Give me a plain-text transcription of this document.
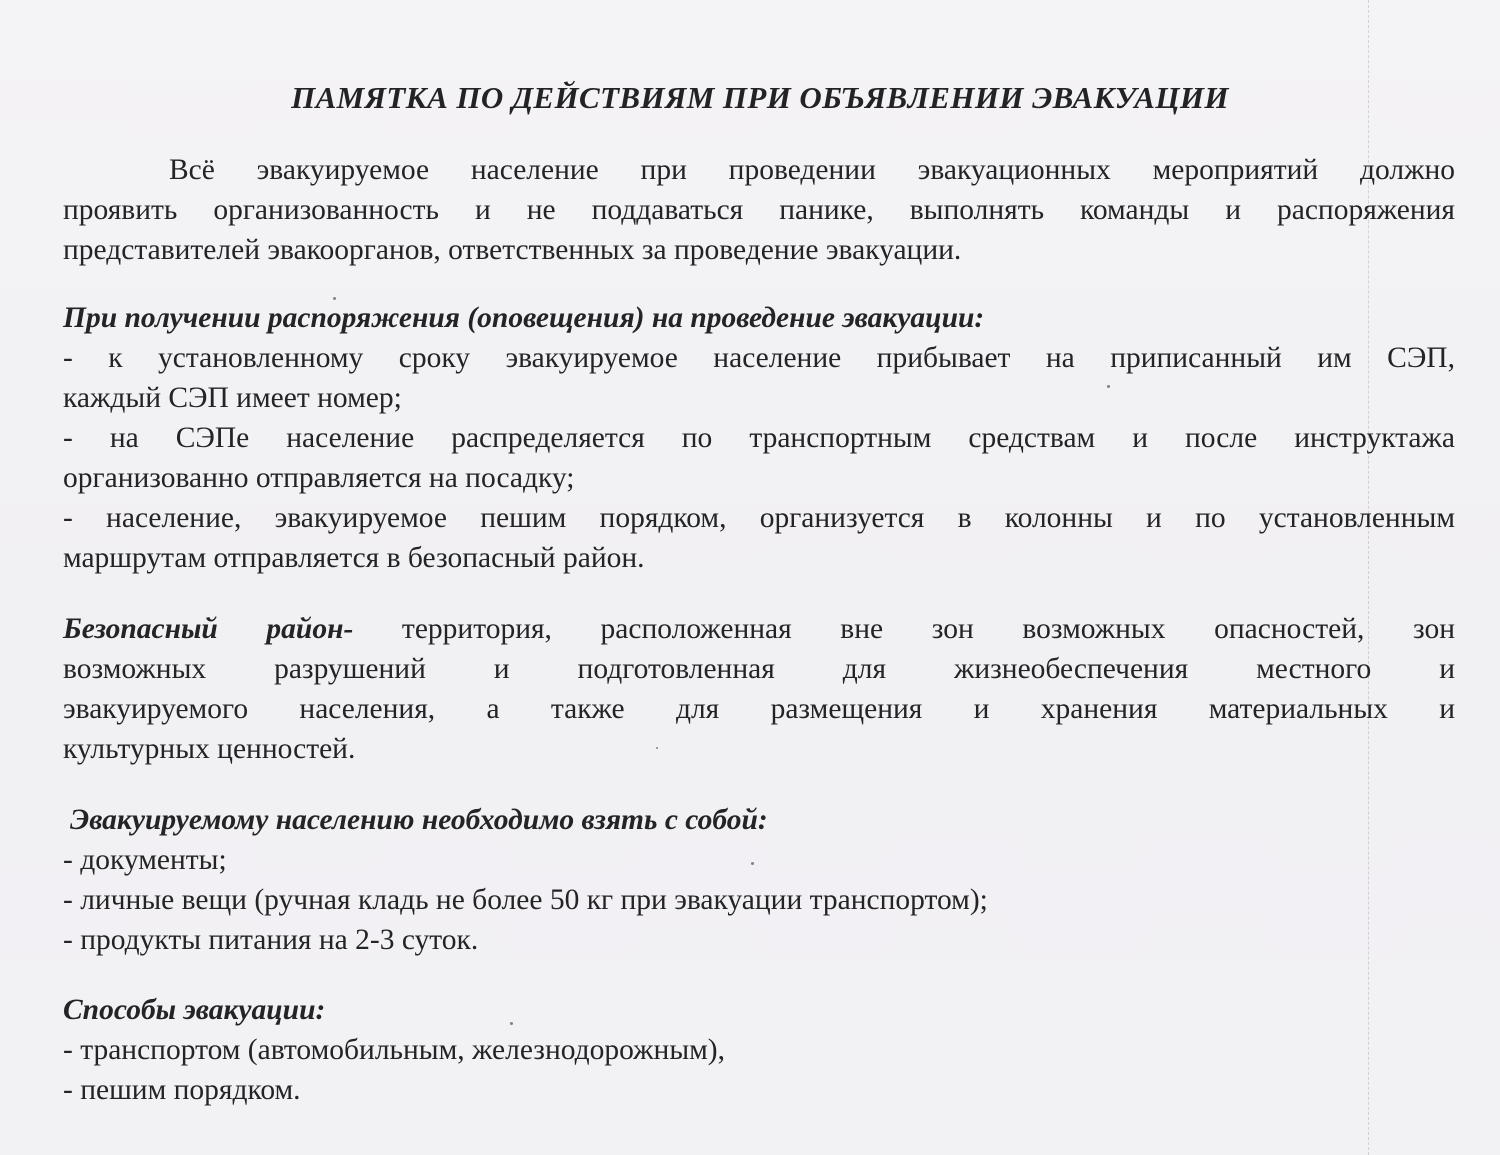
ПАМЯТКА ПО ДЕЙСТВИЯМ ПРИ ОБЪЯВЛЕНИИ ЭВАКУАЦИИ
Всё эвакуируемое население при проведении эвакуационных мероприятий должно
проявить организованность и не поддаваться панике, выполнять команды и распоряжения
представителей эвакоорганов, ответственных за проведение эвакуации.
При получении распоряжения (оповещения) на проведение эвакуации:
- к установленному сроку эвакуируемое население прибывает на приписанный им СЭП,
каждый СЭП имеет номер;
- на СЭПе население распределяется по транспортным средствам и после инструктажа
организованно отправляется на посадку;
- население, эвакуируемое пешим порядком, организуется в колонны и по установленным
маршрутам отправляется в безопасный район.
Безопасный район- территория, расположенная вне зон возможных опасностей, зон
возможных разрушений и подготовленная для жизнеобеспечения местного и
эвакуируемого населения, а также для размещения и хранения материальных и
культурных ценностей.
Эвакуируемому населению необходимо взять с собой:
- документы;
- личные вещи (ручная кладь не более 50 кг при эвакуации транспортом);
- продукты питания на 2-3 суток.
Способы эвакуации:
- транспортом (автомобильным, железнодорожным),
- пешим порядком.
